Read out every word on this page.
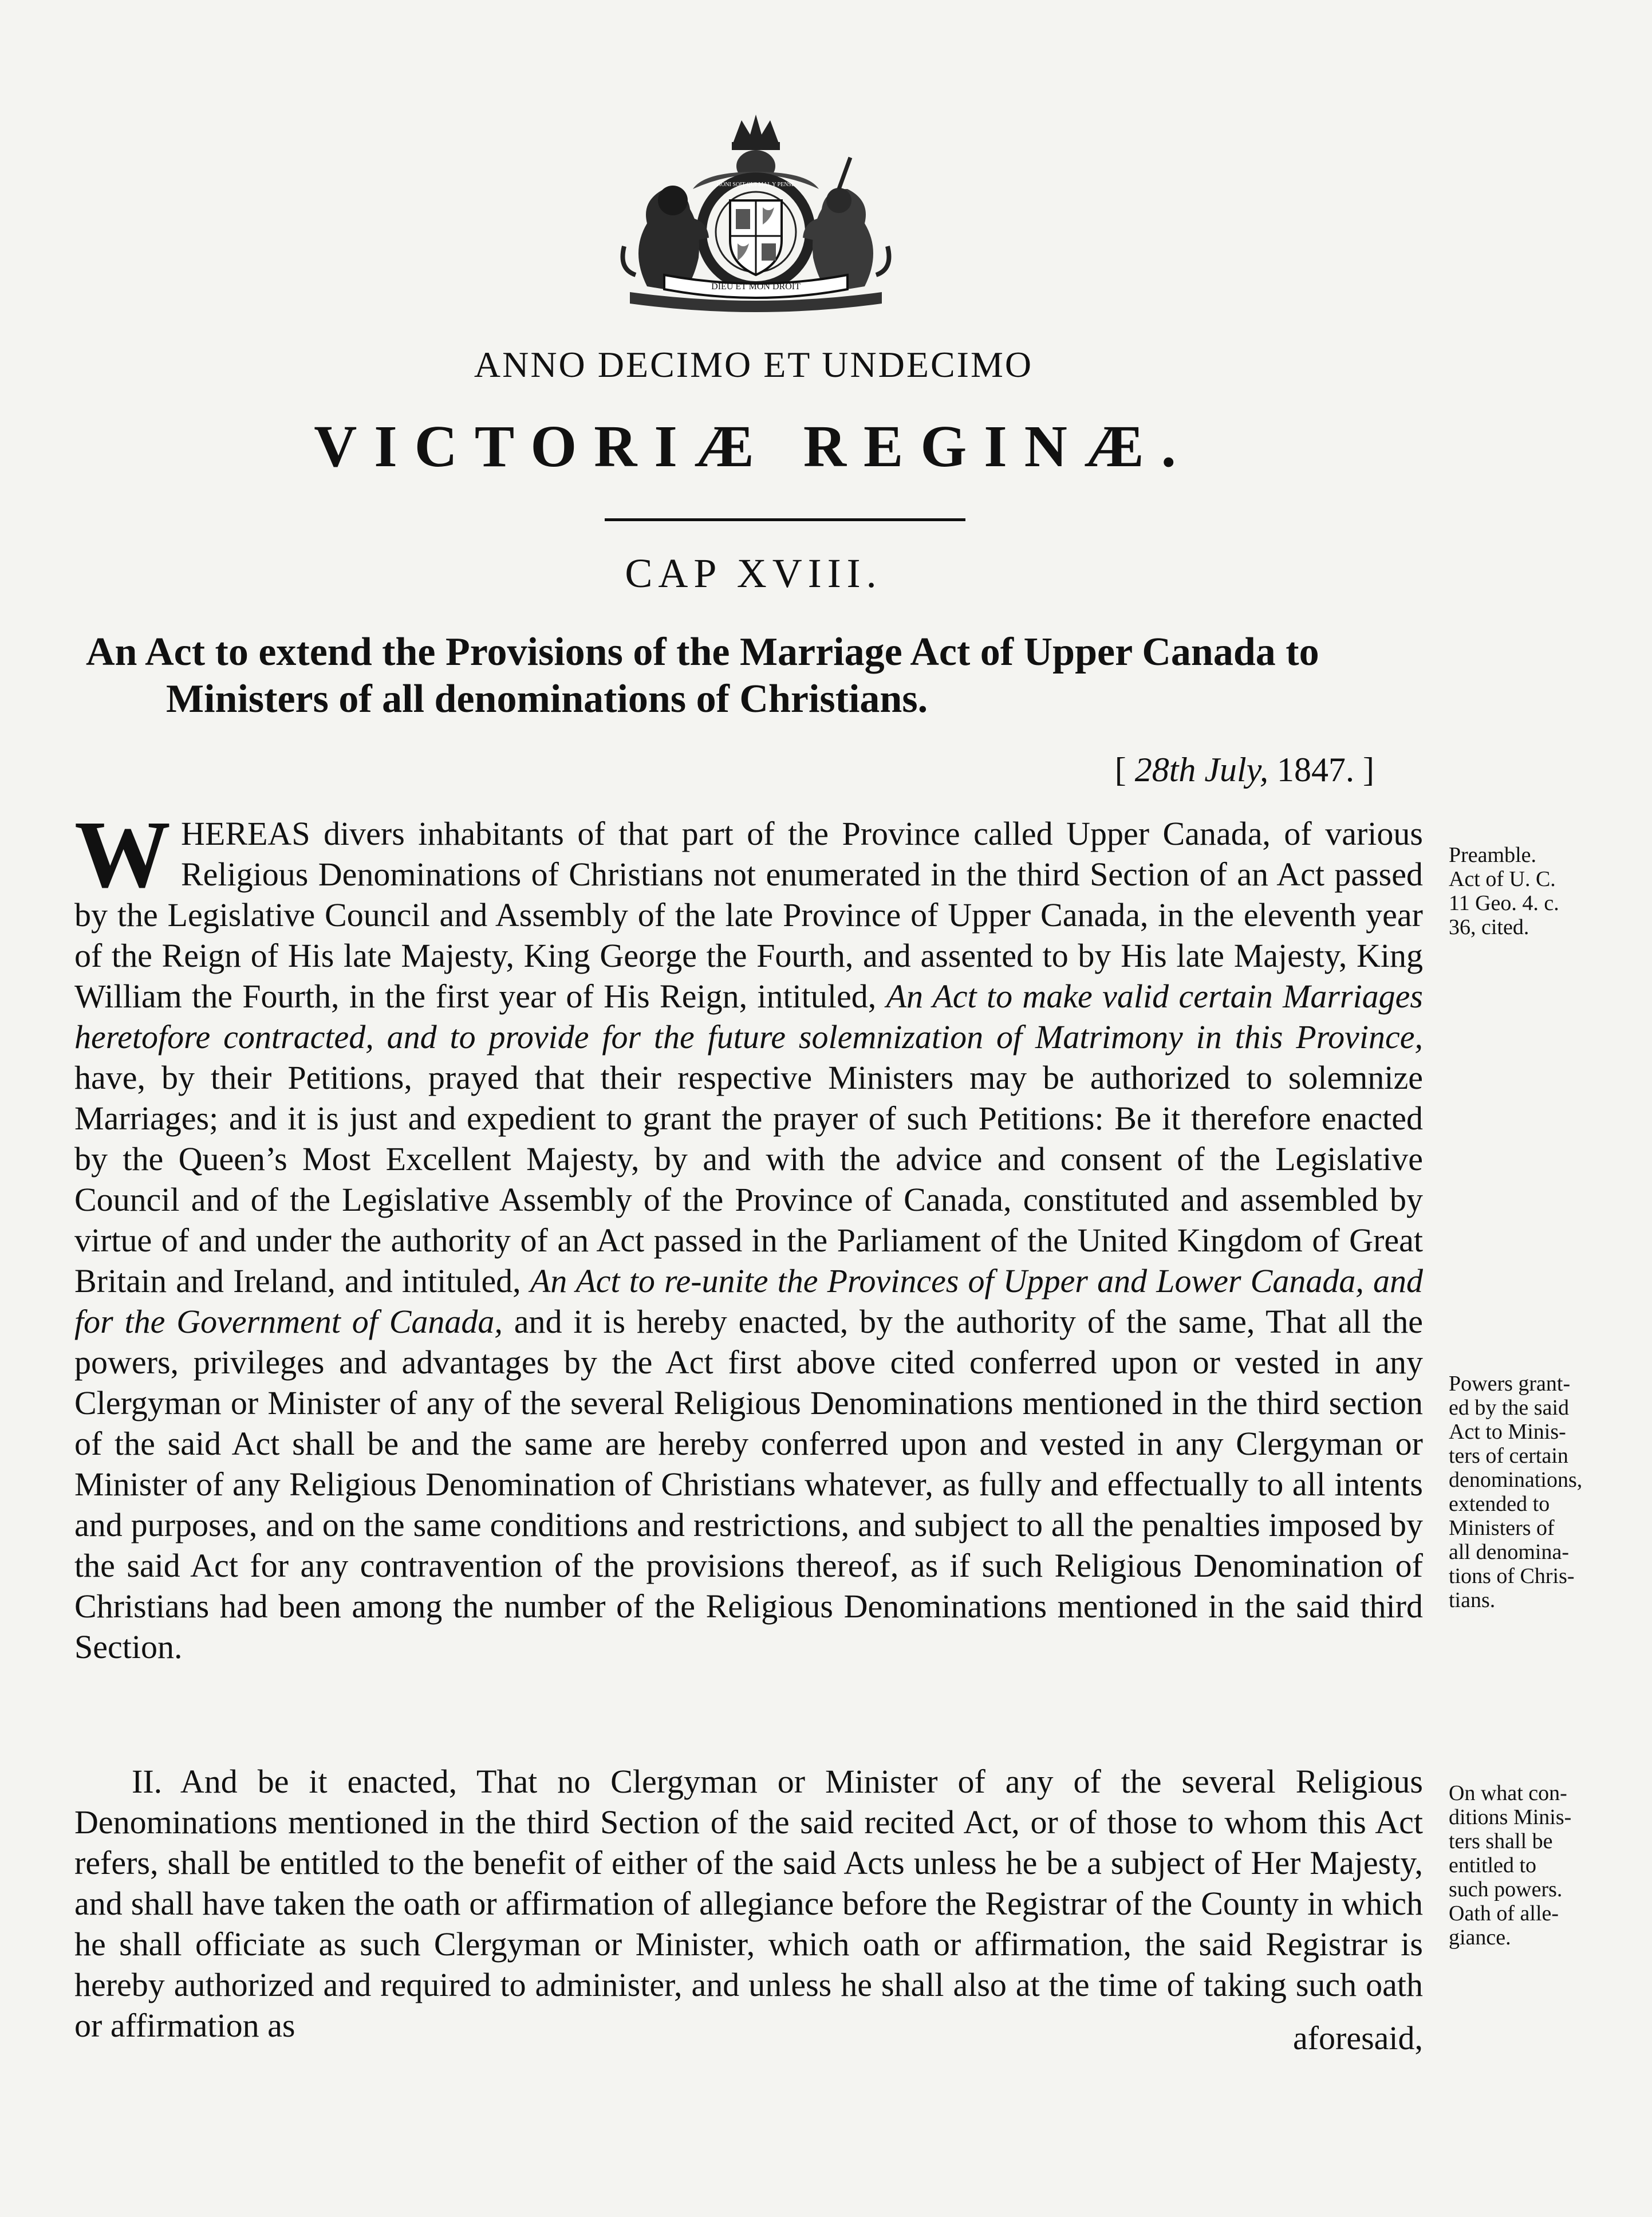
HONI SOIT QUI MAL Y PENSE
DIEU ET MON DROIT
ANNO DECIMO ET UNDECIMO
VICTORIÆ REGINÆ.
CAP XVIII.
An Act to extend the Provisions of the Marriage Act of Upper Canada to
Ministers of all denominations of Christians.
[ 28th July, 1847. ]
WHEREAS divers inhabitants of that part of the Province called Upper Canada, of various Religious Denominations of Christians not enumerated in the third Section of an Act passed by the Legislative Council and Assembly of the late Province of Upper Canada, in the eleventh year of the Reign of His late Majesty, King George the Fourth, and assented to by His late Majesty, King William the Fourth, in the first year of His Reign, intituled, An Act to make valid certain Marriages heretofore contracted, and to provide for the future solemnization of Matrimony in this Province, have, by their Petitions, prayed that their respective Ministers may be authorized to solemnize Marriages; and it is just and expedient to grant the prayer of such Petitions: Be it therefore enacted by the Queen’s Most Excellent Majesty, by and with the advice and consent of the Legislative Council and of the Legislative Assembly of the Province of Canada, constituted and assembled by virtue of and under the authority of an Act passed in the Parliament of the United Kingdom of Great Britain and Ireland, and intituled, An Act to re-unite the Provinces of Upper and Lower Canada, and for the Government of Canada, and it is hereby enacted, by the authority of the same, That all the powers, privileges and advantages by the Act first above cited conferred upon or vested in any Clergyman or Minister of any of the several Religious Denominations mentioned in the third section of the said Act shall be and the same are hereby conferred upon and vested in any Clergyman or Minister of any Religious Denomination of Christians whatever, as fully and effectually to all intents and purposes, and on the same conditions and restrictions, and subject to all the penalties imposed by the said Act for any contravention of the provisions thereof, as if such Religious Denomination of Christians had been among the number of the Religious Denominations mentioned in the said third Section.
II. And be it enacted, That no Clergyman or Minister of any of the several Religious Denominations mentioned in the third Section of the said recited Act, or of those to whom this Act refers, shall be entitled to the benefit of either of the said Acts unless he be a subject of Her Majesty, and shall have taken the oath or affirmation of allegiance before the Registrar of the County in which he shall officiate as such Clergyman or Minister, which oath or affirmation, the said Registrar is hereby authorized and required to administer, and unless he shall also at the time of taking such oath or affirmation as	aforesaid,
Preamble.
Act of U. C.
11 Geo. 4. c.
36, cited.
Powers grant-
ed by the said
Act to Minis-
ters of certain
denominations,
extended to
Ministers of
all denomina-
tions of Chris-
tians.
On what con-
ditions Minis-
ters shall be
entitled to
such powers.
Oath of alle-
giance.
